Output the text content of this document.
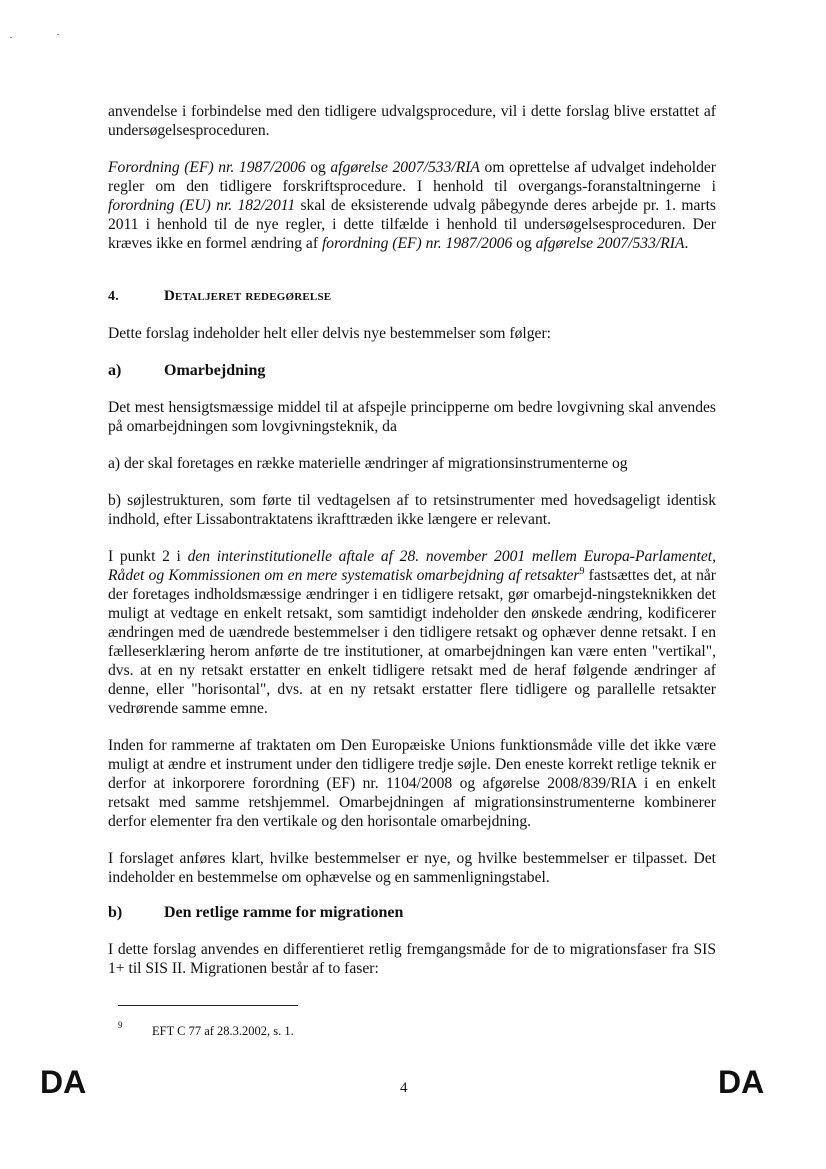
anvendelse i forbindelse med den tidligere udvalgsprocedure, vil i dette forslag blive erstattet af undersøgelsesproceduren.

Forordning (EF) nr. 1987/2006 og afgørelse 2007/533/RIA om oprettelse af udvalget indeholder regler om den tidligere forskriftsprocedure. I henhold til overgangs-foranstaltningerne i forordning (EU) nr. 182/2011 skal de eksisterende udvalg påbegynde deres arbejde pr. 1. marts 2011 i henhold til de nye regler, i dette tilfælde i henhold til undersøgelsesproceduren. Der kræves ikke en formel ændring af forordning (EF) nr. 1987/2006 og afgørelse 2007/533/RIA.

4.	Detaljeret redegørelse

Dette forslag indeholder helt eller delvis nye bestemmelser som følger:

a)	Omarbejdning

Det mest hensigtsmæssige middel til at afspejle principperne om bedre lovgivning skal anvendes på omarbejdningen som lovgivningsteknik, da

a) der skal foretages en række materielle ændringer af migrationsinstrumenterne og

b) søjlestrukturen, som førte til vedtagelsen af to retsinstrumenter med hovedsageligt identisk indhold, efter Lissabontraktatens ikrafttræden ikke længere er relevant.

I punkt 2 i den interinstitutionelle aftale af 28. november 2001 mellem Europa-Parlamentet, Rådet og Kommissionen om en mere systematisk omarbejdning af retsakter$^9$ fastsættes det, at når der foretages indholdsmæssige ændringer i en tidligere retsakt, gør omarbejd-ningsteknikken det muligt at vedtage en enkelt retsakt, som samtidigt indeholder den ønskede ændring, kodificerer ændringen med de uændrede bestemmelser i den tidligere retsakt og ophæver denne retsakt. I en fælleserklæring herom anførte de tre institutioner, at omarbejdningen kan være enten "vertikal", dvs. at en ny retsakt erstatter en enkelt tidligere retsakt med de heraf følgende ændringer af denne, eller "horisontal", dvs. at en ny retsakt erstatter flere tidligere og parallelle retsakter vedrørende samme emne.

Inden for rammerne af traktaten om Den Europæiske Unions funktionsmåde ville det ikke være muligt at ændre et instrument under den tidligere tredje søjle. Den eneste korrekt retlige teknik er derfor at inkorporere forordning (EF) nr. 1104/2008 og afgørelse 2008/839/RIA i en enkelt retsakt med samme retshjemmel. Omarbejdningen af migrationsinstrumenterne kombinerer derfor elementer fra den vertikale og den horisontale omarbejdning.

I forslaget anføres klart, hvilke bestemmelser er nye, og hvilke bestemmelser er tilpasset. Det indeholder en bestemmelse om ophævelse og en sammenligningstabel.

b)	Den retlige ramme for migrationen

I dette forslag anvendes en differentieret retlig fremgangsmåde for de to migrationsfaser fra SIS 1+ til SIS II. Migrationen består af to faser:

9 EFT C 77 af 28.3.2002, s. 1.
DA	4	DA
